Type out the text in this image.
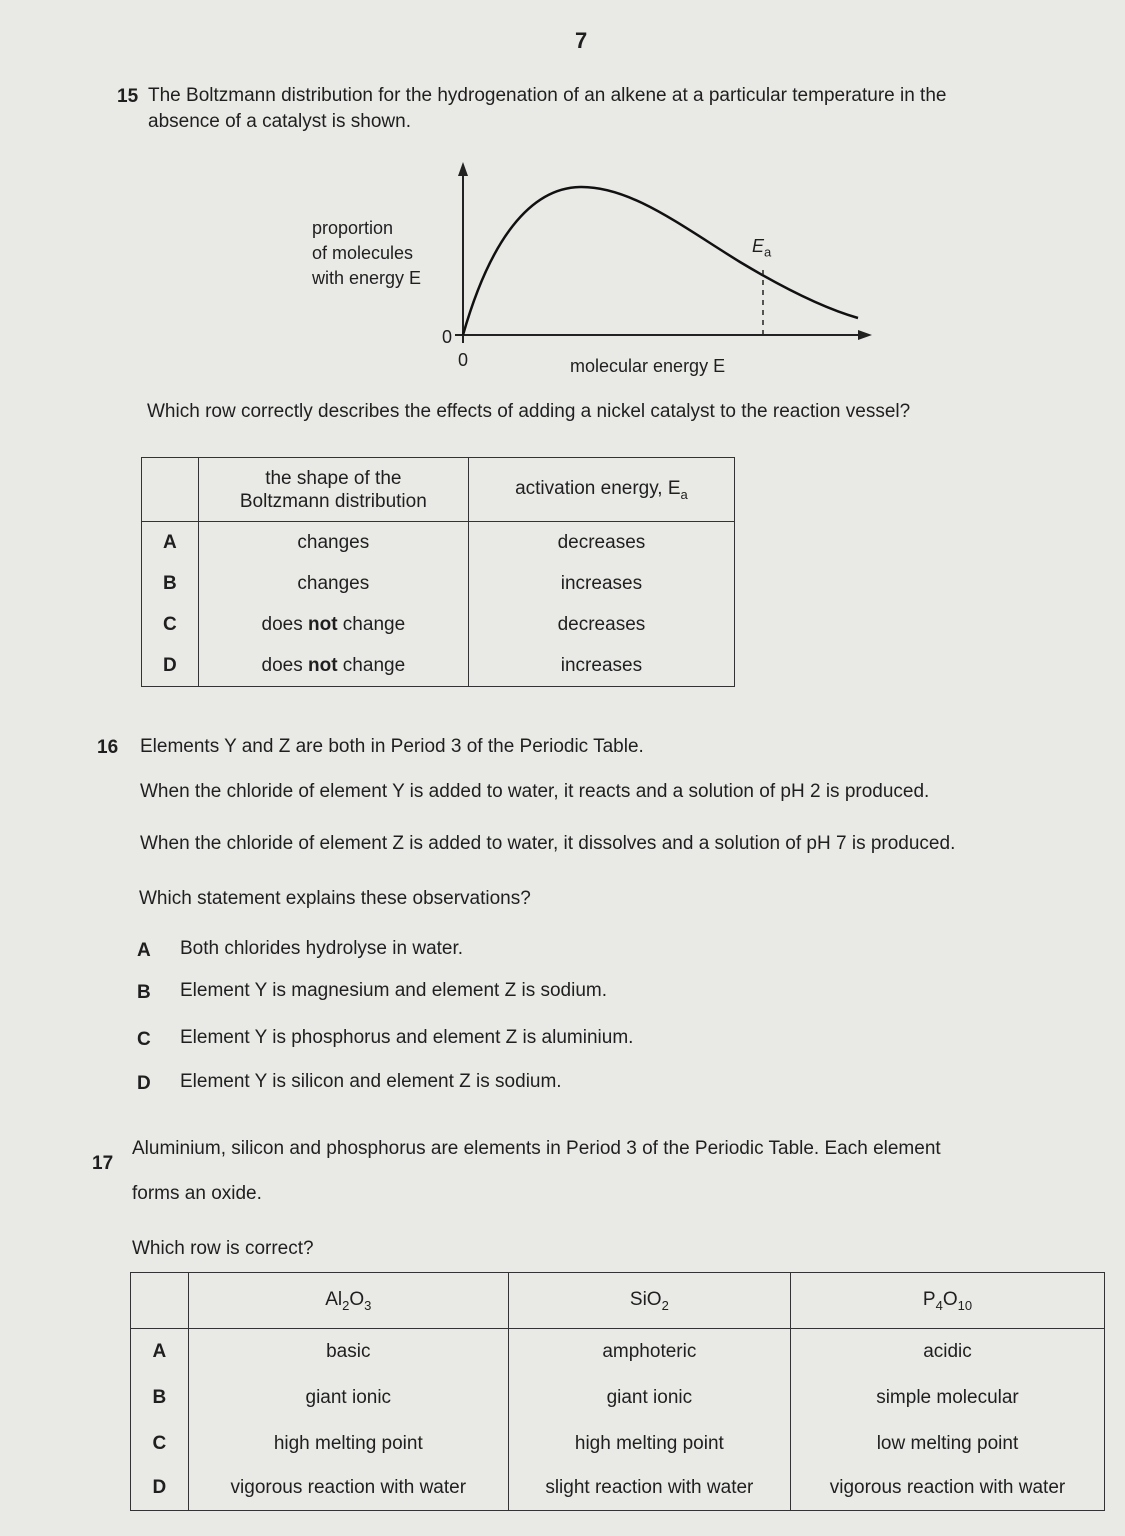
7
15 The Boltzmann distribution for the hydrogenation of an alkene at a particular temperature in the
absence of a catalyst is shown.
proportion
of molecules
with energy E
0
0	molecular energy E
$E_a$
Which row correctly describes the effects of adding a nickel catalyst to the reaction vessel?

	the shape of the
Boltzmann distribution	activation energy, $E_a$
A	changes	decreases
B	changes	increases
C	does not change	decreases
D	does not change	increases
16 Elements Y and Z are both in Period 3 of the Periodic Table.
When the chloride of element Y is added to water, it reacts and a solution of pH 2 is produced.
When the chloride of element Z is added to water, it dissolves and a solution of pH 7 is produced.
Which statement explains these observations?
A Both chlorides hydrolyse in water.
B Element Y is magnesium and element Z is sodium.
C Element Y is phosphorus and element Z is aluminium.
D Element Y is silicon and element Z is sodium.
17
Aluminium, silicon and phosphorus are elements in Period 3 of the Periodic Table. Each element
forms an oxide.
Which row is correct?
	$Al_2O_3$	SiO$_2$	$P_4O_{10}$
A	basic	amphoteric	acidic
B	giant ionic	giant ionic	simple molecular
C	high melting point	high melting point	low melting point
D	vigorous reaction with water	slight reaction with water	vigorous reaction with water
